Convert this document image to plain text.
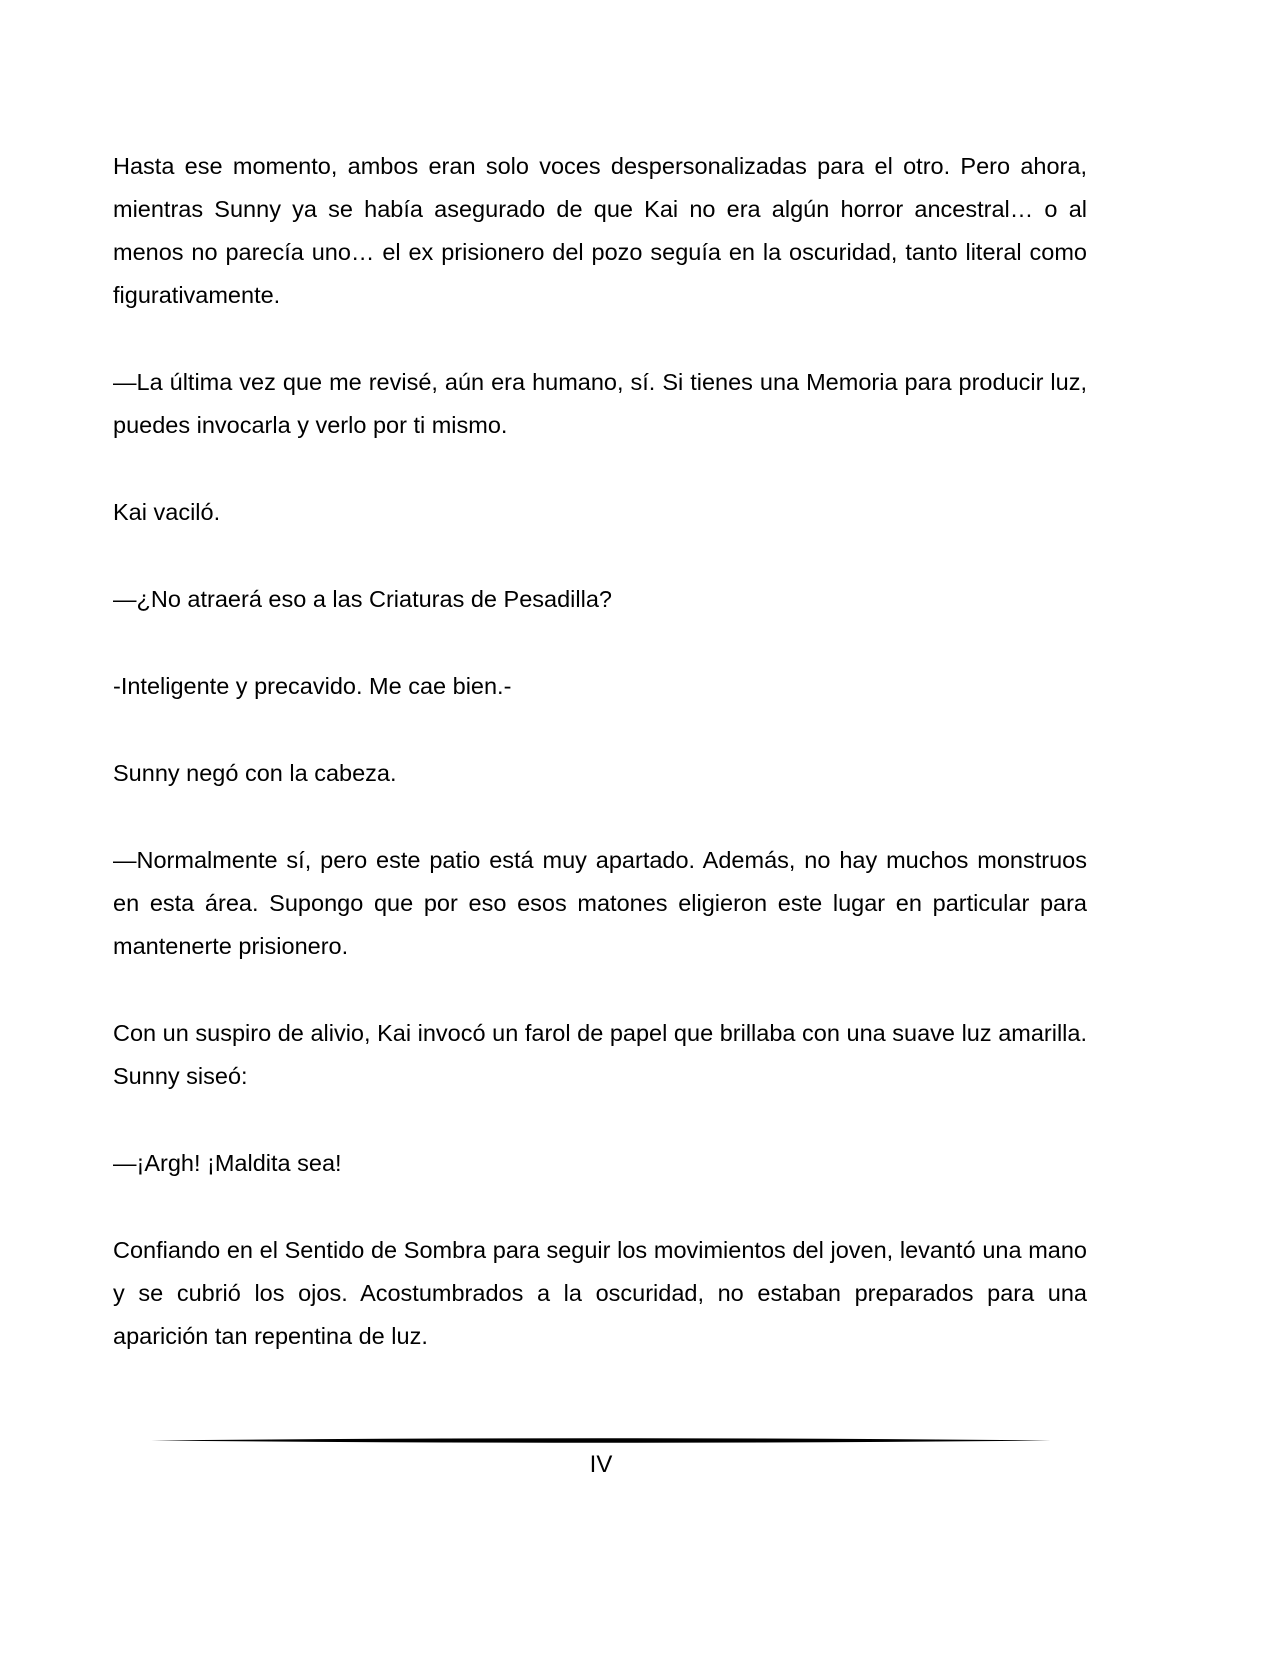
Hasta ese momento, ambos eran solo voces despersonalizadas para el otro. Pero ahora, mientras Sunny ya se había asegurado de que Kai no era algún horror ancestral… o al menos no parecía uno… el ex prisionero del pozo seguía en la oscuridad, tanto literal como figurativamente.

—La última vez que me revisé, aún era humano, sí. Si tienes una Memoria para producir luz, puedes invocarla y verlo por ti mismo.

Kai vaciló.

—¿No atraerá eso a las Criaturas de Pesadilla?

-Inteligente y precavido. Me cae bien.-

Sunny negó con la cabeza.

—Normalmente sí, pero este patio está muy apartado. Además, no hay muchos monstruos en esta área. Supongo que por eso esos matones eligieron este lugar en particular para mantenerte prisionero.

Con un suspiro de alivio, Kai invocó un farol de papel que brillaba con una suave luz amarilla. Sunny siseó:

—¡Argh! ¡Maldita sea!

Confiando en el Sentido de Sombra para seguir los movimientos del joven, levantó una mano y se cubrió los ojos. Acostumbrados a la oscuridad, no estaban preparados para una aparición tan repentina de luz.

IV
